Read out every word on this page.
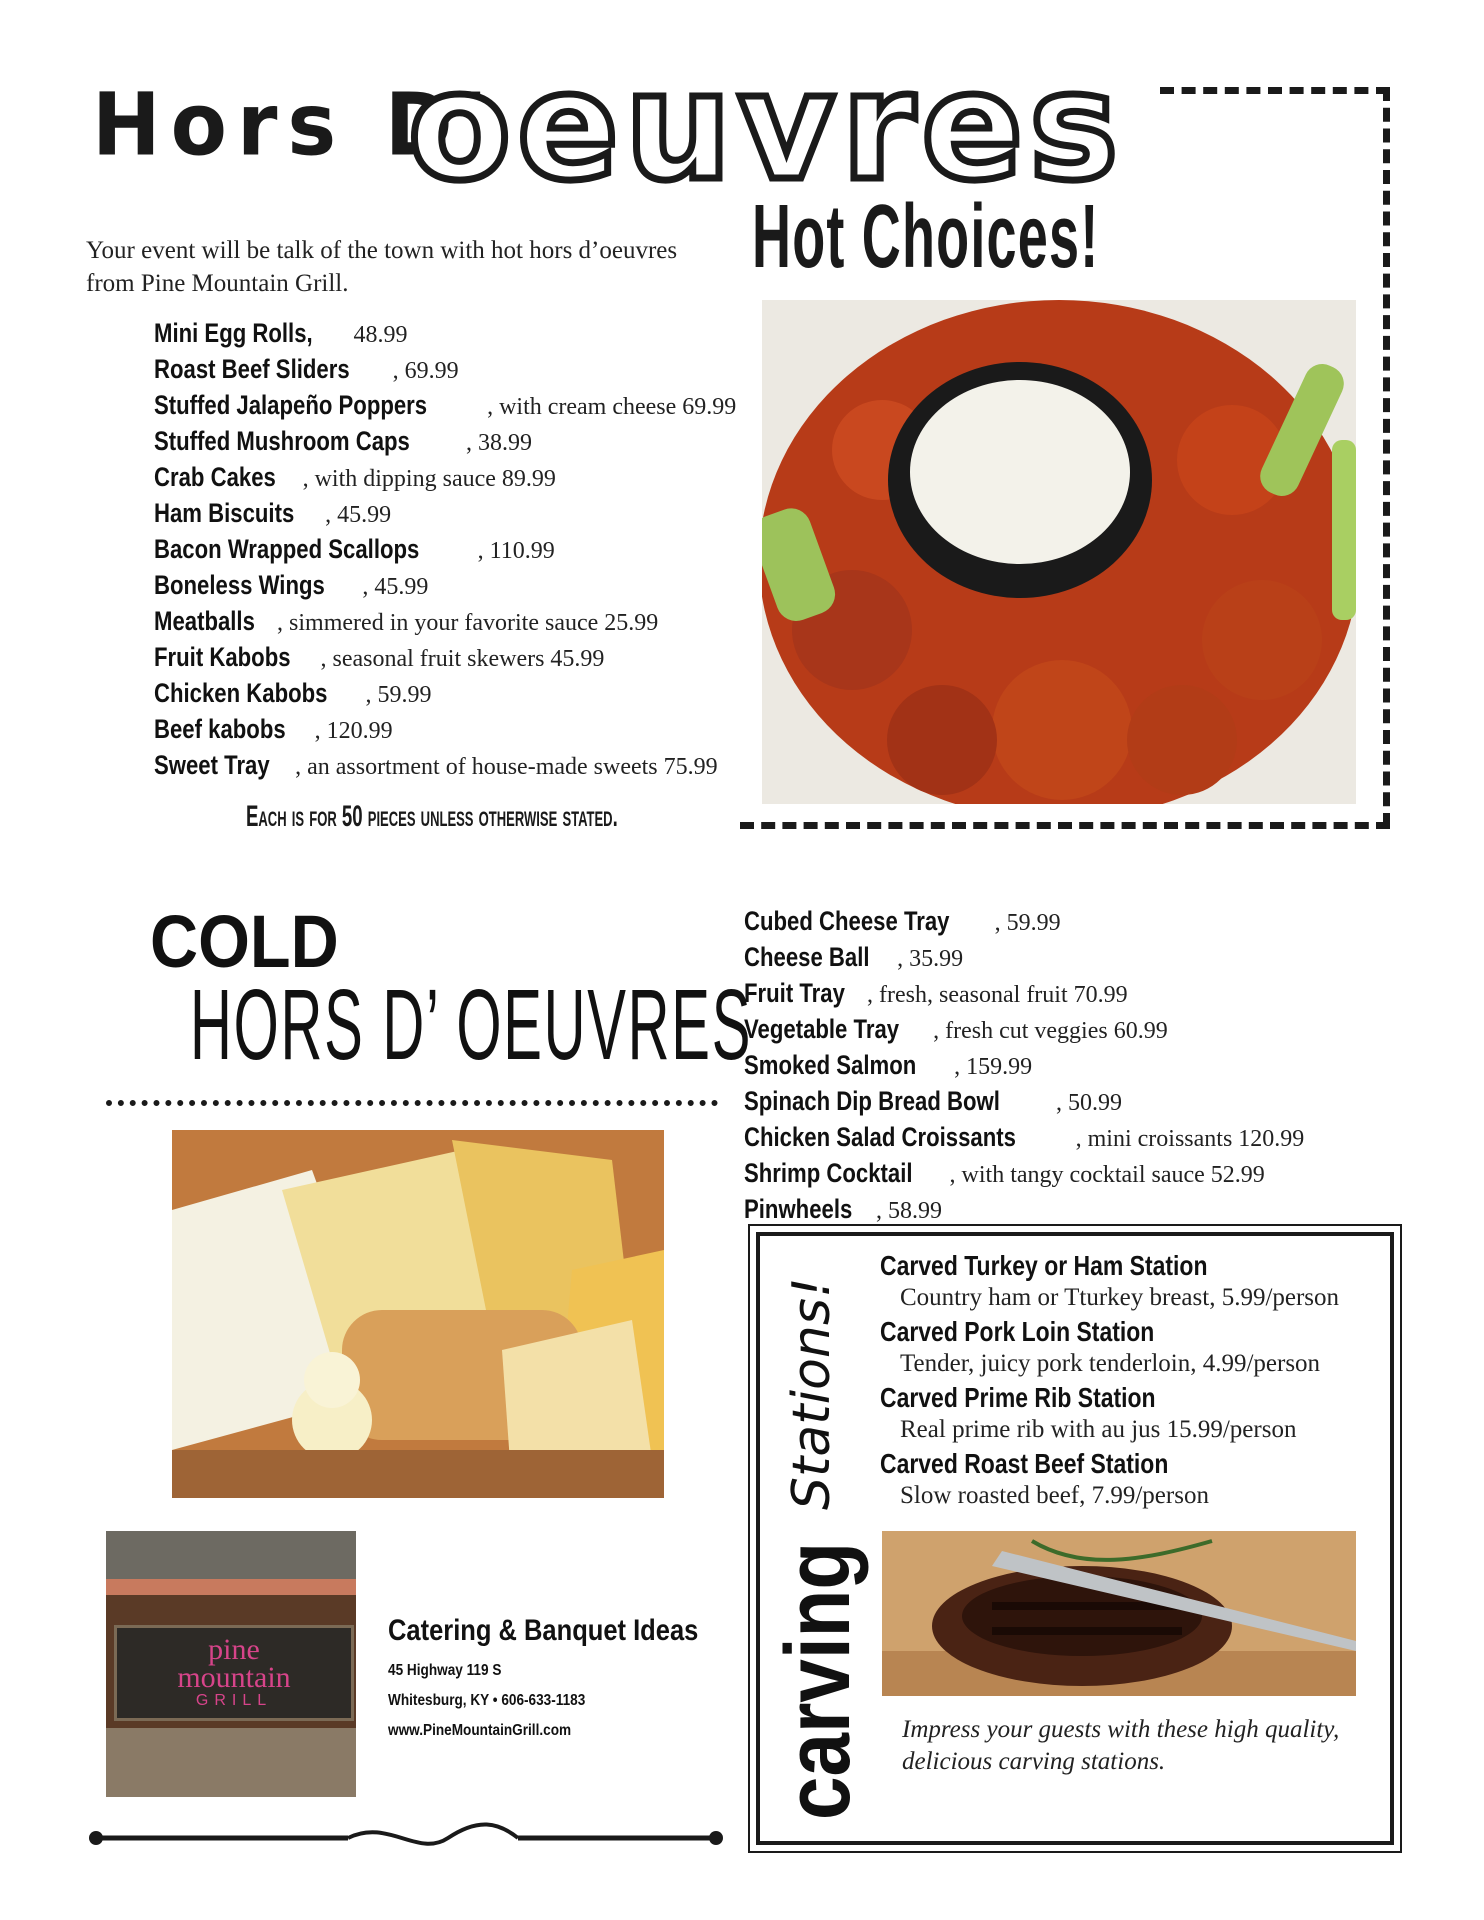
Hors D'
oeuvres
Hot Choices!
Your event will be talk of the town with hot hors d’oeuvres from Pine Mountain Grill.
Mini Egg Rolls, 48.99
Roast Beef Sliders , 69.99
Stuffed Jalapeño Poppers , with cream cheese 69.99
Stuffed Mushroom Caps , 38.99
Crab Cakes , with dipping sauce 89.99
Ham Biscuits , 45.99
Bacon Wrapped Scallops , 110.99
Boneless Wings , 45.99
Meatballs , simmered in your favorite sauce 25.99
Fruit Kabobs , seasonal fruit skewers 45.99
Chicken Kabobs , 59.99
Beef kabobs , 120.99
Sweet Tray , an assortment of house-made sweets 75.99
Each is for 50 pieces unless otherwise stated.
COLD
HORS D’ OEUVRES
Cubed Cheese Tray , 59.99
Cheese Ball , 35.99
Fruit Tray , fresh, seasonal fruit 70.99
Vegetable Tray , fresh cut veggies 60.99
Smoked Salmon , 159.99
Spinach Dip Bread Bowl , 50.99
Chicken Salad Croissants , mini croissants 120.99
Shrimp Cocktail , with tangy cocktail sauce 52.99
Pinwheels , 58.99
pine
mountain
GRILL
Catering & Banquet Ideas
45 Highway 119 S
Whitesburg, KY • 606-633-1183
www.PineMountainGrill.com carving
Stations!
Carved Turkey or Ham Station
Country ham or Tturkey breast, 5.99/person
Carved Pork Loin Station
Tender, juicy pork tenderloin, 4.99/person
Carved Prime Rib Station
Real prime rib with au jus 15.99/person
Carved Roast Beef Station
Slow roasted beef, 7.99/person
Impress your guests with these high quality, delicious carving stations.
